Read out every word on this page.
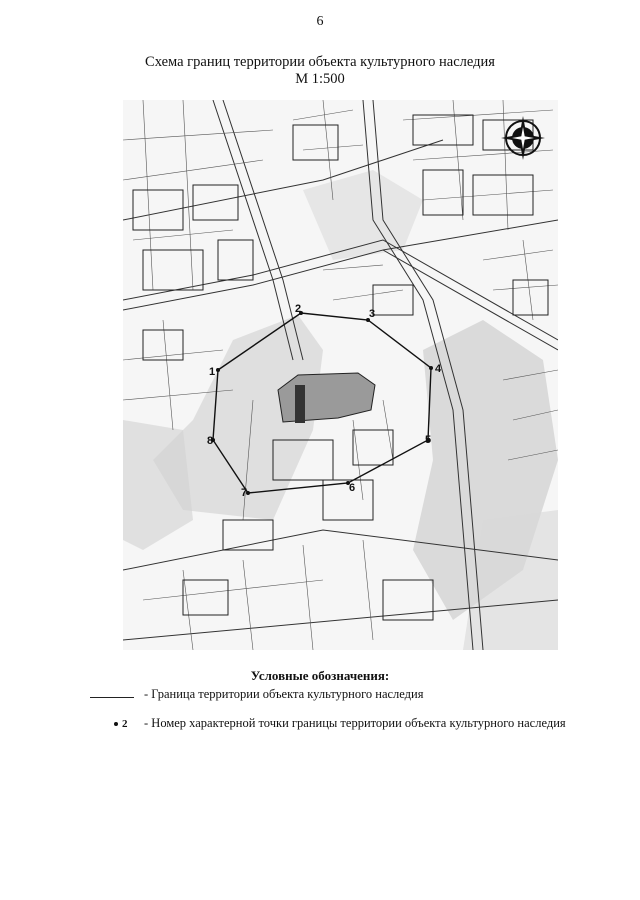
6
Схема границ территории объекта культурного наследия
М 1:500
1
2	3
4
5
6
7
8
Условные обозначения:
- Граница территории объекта культурного наследия
2 - Номер характерной точки границы территории объекта культурного наследия
